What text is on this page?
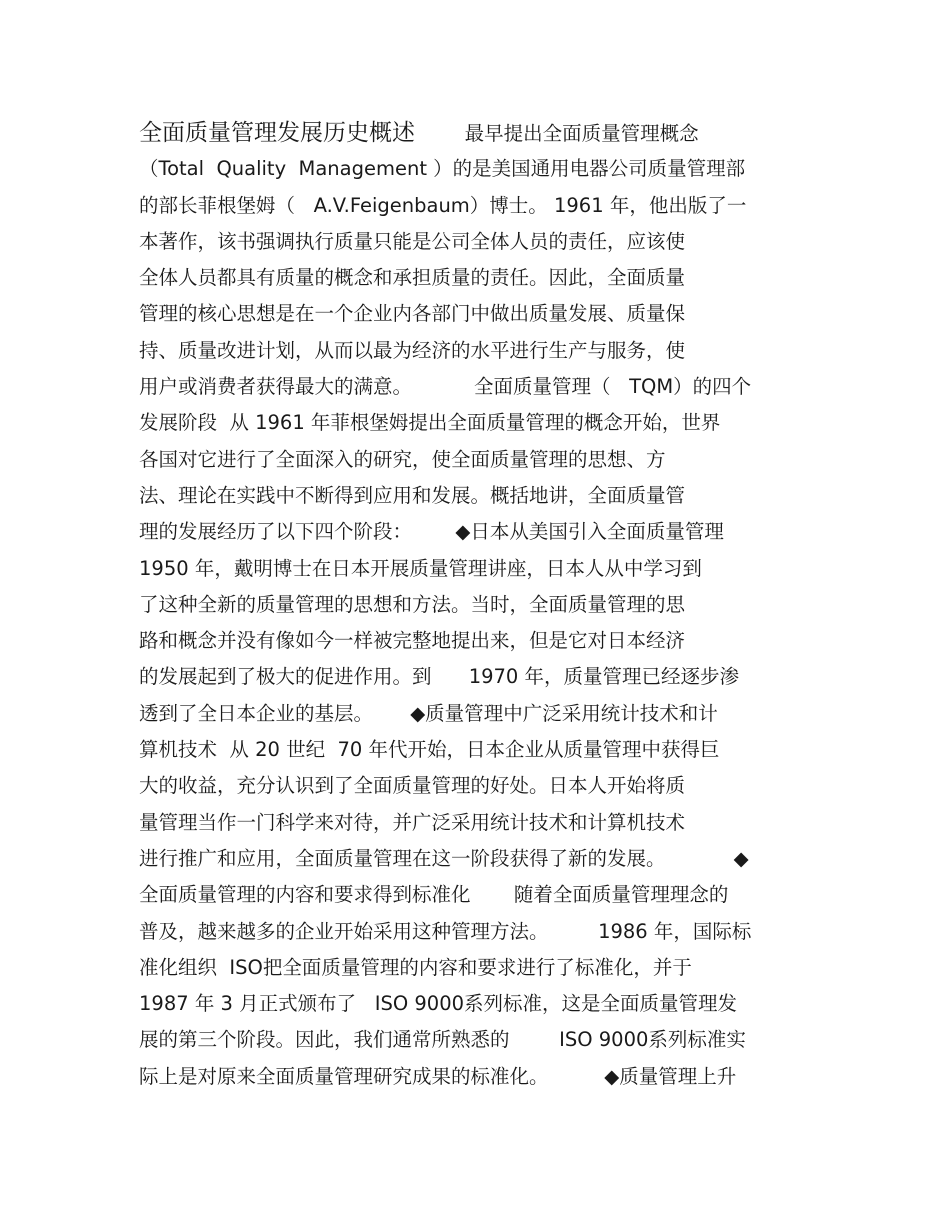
全面质量管理发展历史概述	最早提出全面质量管理概念
（Total  Quality  Management ）的是美国通用电器公司质量管理部
的部长菲根堡姆（   A.V.Feigenbaum）博士。 1961 年，他出版了一
本著作，该书强调执行质量只能是公司全体人员的责任，应该使
全体人员都具有质量的概念和承担质量的责任。因此，全面质量
管理的核心思想是在一个企业内各部门中做出质量发展、质量保
持、质量改进计划，从而以最为经济的水平进行生产与服务，使
用户或消费者获得最大的满意。          全面质量管理（   TQM）的四个
发展阶段  从 1961 年菲根堡姆提出全面质量管理的概念开始，世界
各国对它进行了全面深入的研究，使全面质量管理的思想、方
法、理论在实践中不断得到应用和发展。概括地讲，全面质量管
理的发展经历了以下四个阶段：       ◆日本从美国引入全面质量管理
1950 年，戴明博士在日本开展质量管理讲座，日本人从中学习到
了这种全新的质量管理的思想和方法。当时，全面质量管理的思
路和概念并没有像如今一样被完整地提出来，但是它对日本经济
的发展起到了极大的促进作用。到      1970 年，质量管理已经逐步渗
透到了全日本企业的基层。      ◆质量管理中广泛采用统计技术和计
算机技术  从 20 世纪  70 年代开始，日本企业从质量管理中获得巨
大的收益，充分认识到了全面质量管理的好处。日本人开始将质
量管理当作一门科学来对待，并广泛采用统计技术和计算机技术
进行推广和应用，全面质量管理在这一阶段获得了新的发展。           ◆
全面质量管理的内容和要求得到标准化       随着全面质量管理理念的
普及，越来越多的企业开始采用这种管理方法。        1986 年，国际标
准化组织  ISO把全面质量管理的内容和要求进行了标准化，并于
1987 年 3 月正式颁布了   ISO 9000系列标准，这是全面质量管理发
展的第三个阶段。因此，我们通常所熟悉的        ISO 9000系列标准实
际上是对原来全面质量管理研究成果的标准化。         ◆质量管理上升
